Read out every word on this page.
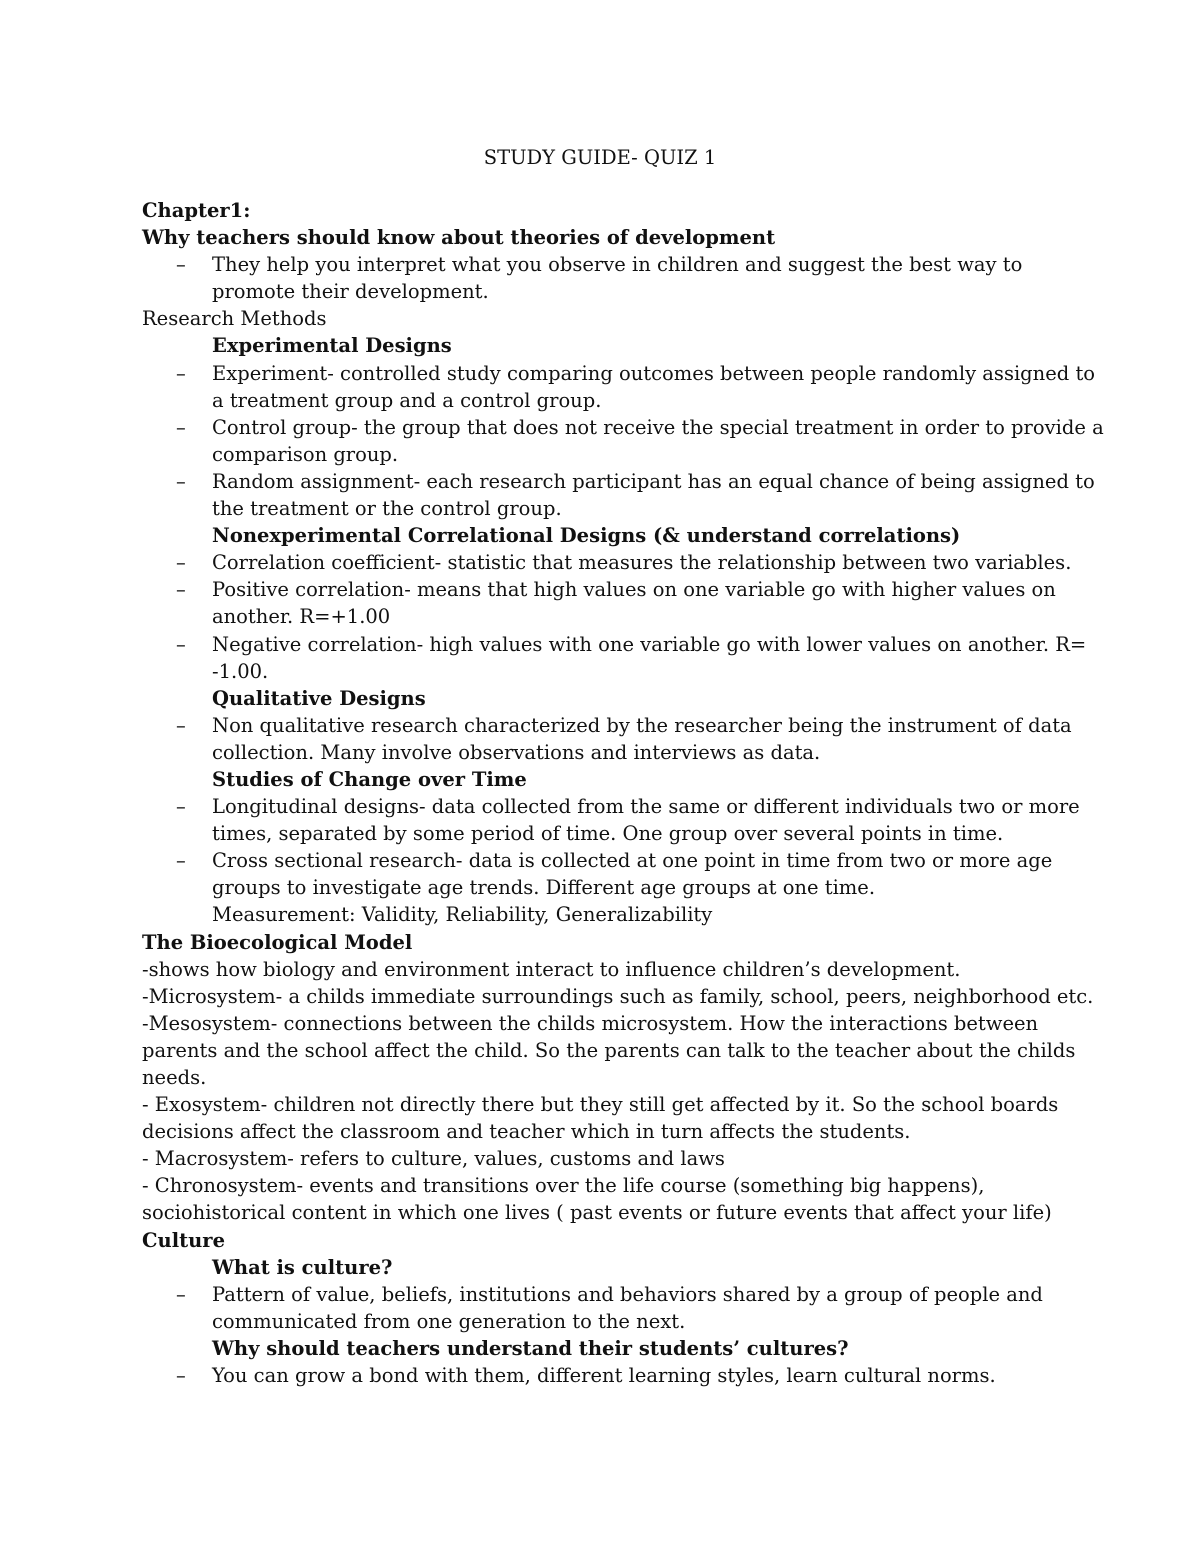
STUDY GUIDE- QUIZ 1
Chapter1:
Why teachers should know about theories of development
– They help you interpret what you observe in children and suggest the best way to
promote their development.
Research Methods
Experimental Designs
– Experiment- controlled study comparing outcomes between people randomly assigned to
a treatment group and a control group.
– Control group- the group that does not receive the special treatment in order to provide a
comparison group.
– Random assignment- each research participant has an equal chance of being assigned to
the treatment or the control group.
Nonexperimental Correlational Designs (& understand correlations)
– Correlation coefficient- statistic that measures the relationship between two variables.
– Positive correlation- means that high values on one variable go with higher values on
another. R=+1.00
– Negative correlation- high values with one variable go with lower values on another. R=
-1.00.
Qualitative Designs
– Non qualitative research characterized by the researcher being the instrument of data
collection. Many involve observations and interviews as data.
Studies of Change over Time
– Longitudinal designs- data collected from the same or different individuals two or more
times, separated by some period of time. One group over several points in time.
– Cross sectional research- data is collected at one point in time from two or more age
groups to investigate age trends. Different age groups at one time.
Measurement: Validity, Reliability, Generalizability
The Bioecological Model
-shows how biology and environment interact to influence children’s development.
-Microsystem- a childs immediate surroundings such as family, school, peers, neighborhood etc.
-Mesosystem- connections between the childs microsystem. How the interactions between
parents and the school affect the child. So the parents can talk to the teacher about the childs
needs.
- Exosystem- children not directly there but they still get affected by it. So the school boards
decisions affect the classroom and teacher which in turn affects the students.
- Macrosystem- refers to culture, values, customs and laws
- Chronosystem- events and transitions over the life course (something big happens),
sociohistorical content in which one lives ( past events or future events that affect your life)
Culture
What is culture?
– Pattern of value, beliefs, institutions and behaviors shared by a group of people and
communicated from one generation to the next.
Why should teachers understand their students’ cultures?
– You can grow a bond with them, different learning styles, learn cultural norms.
